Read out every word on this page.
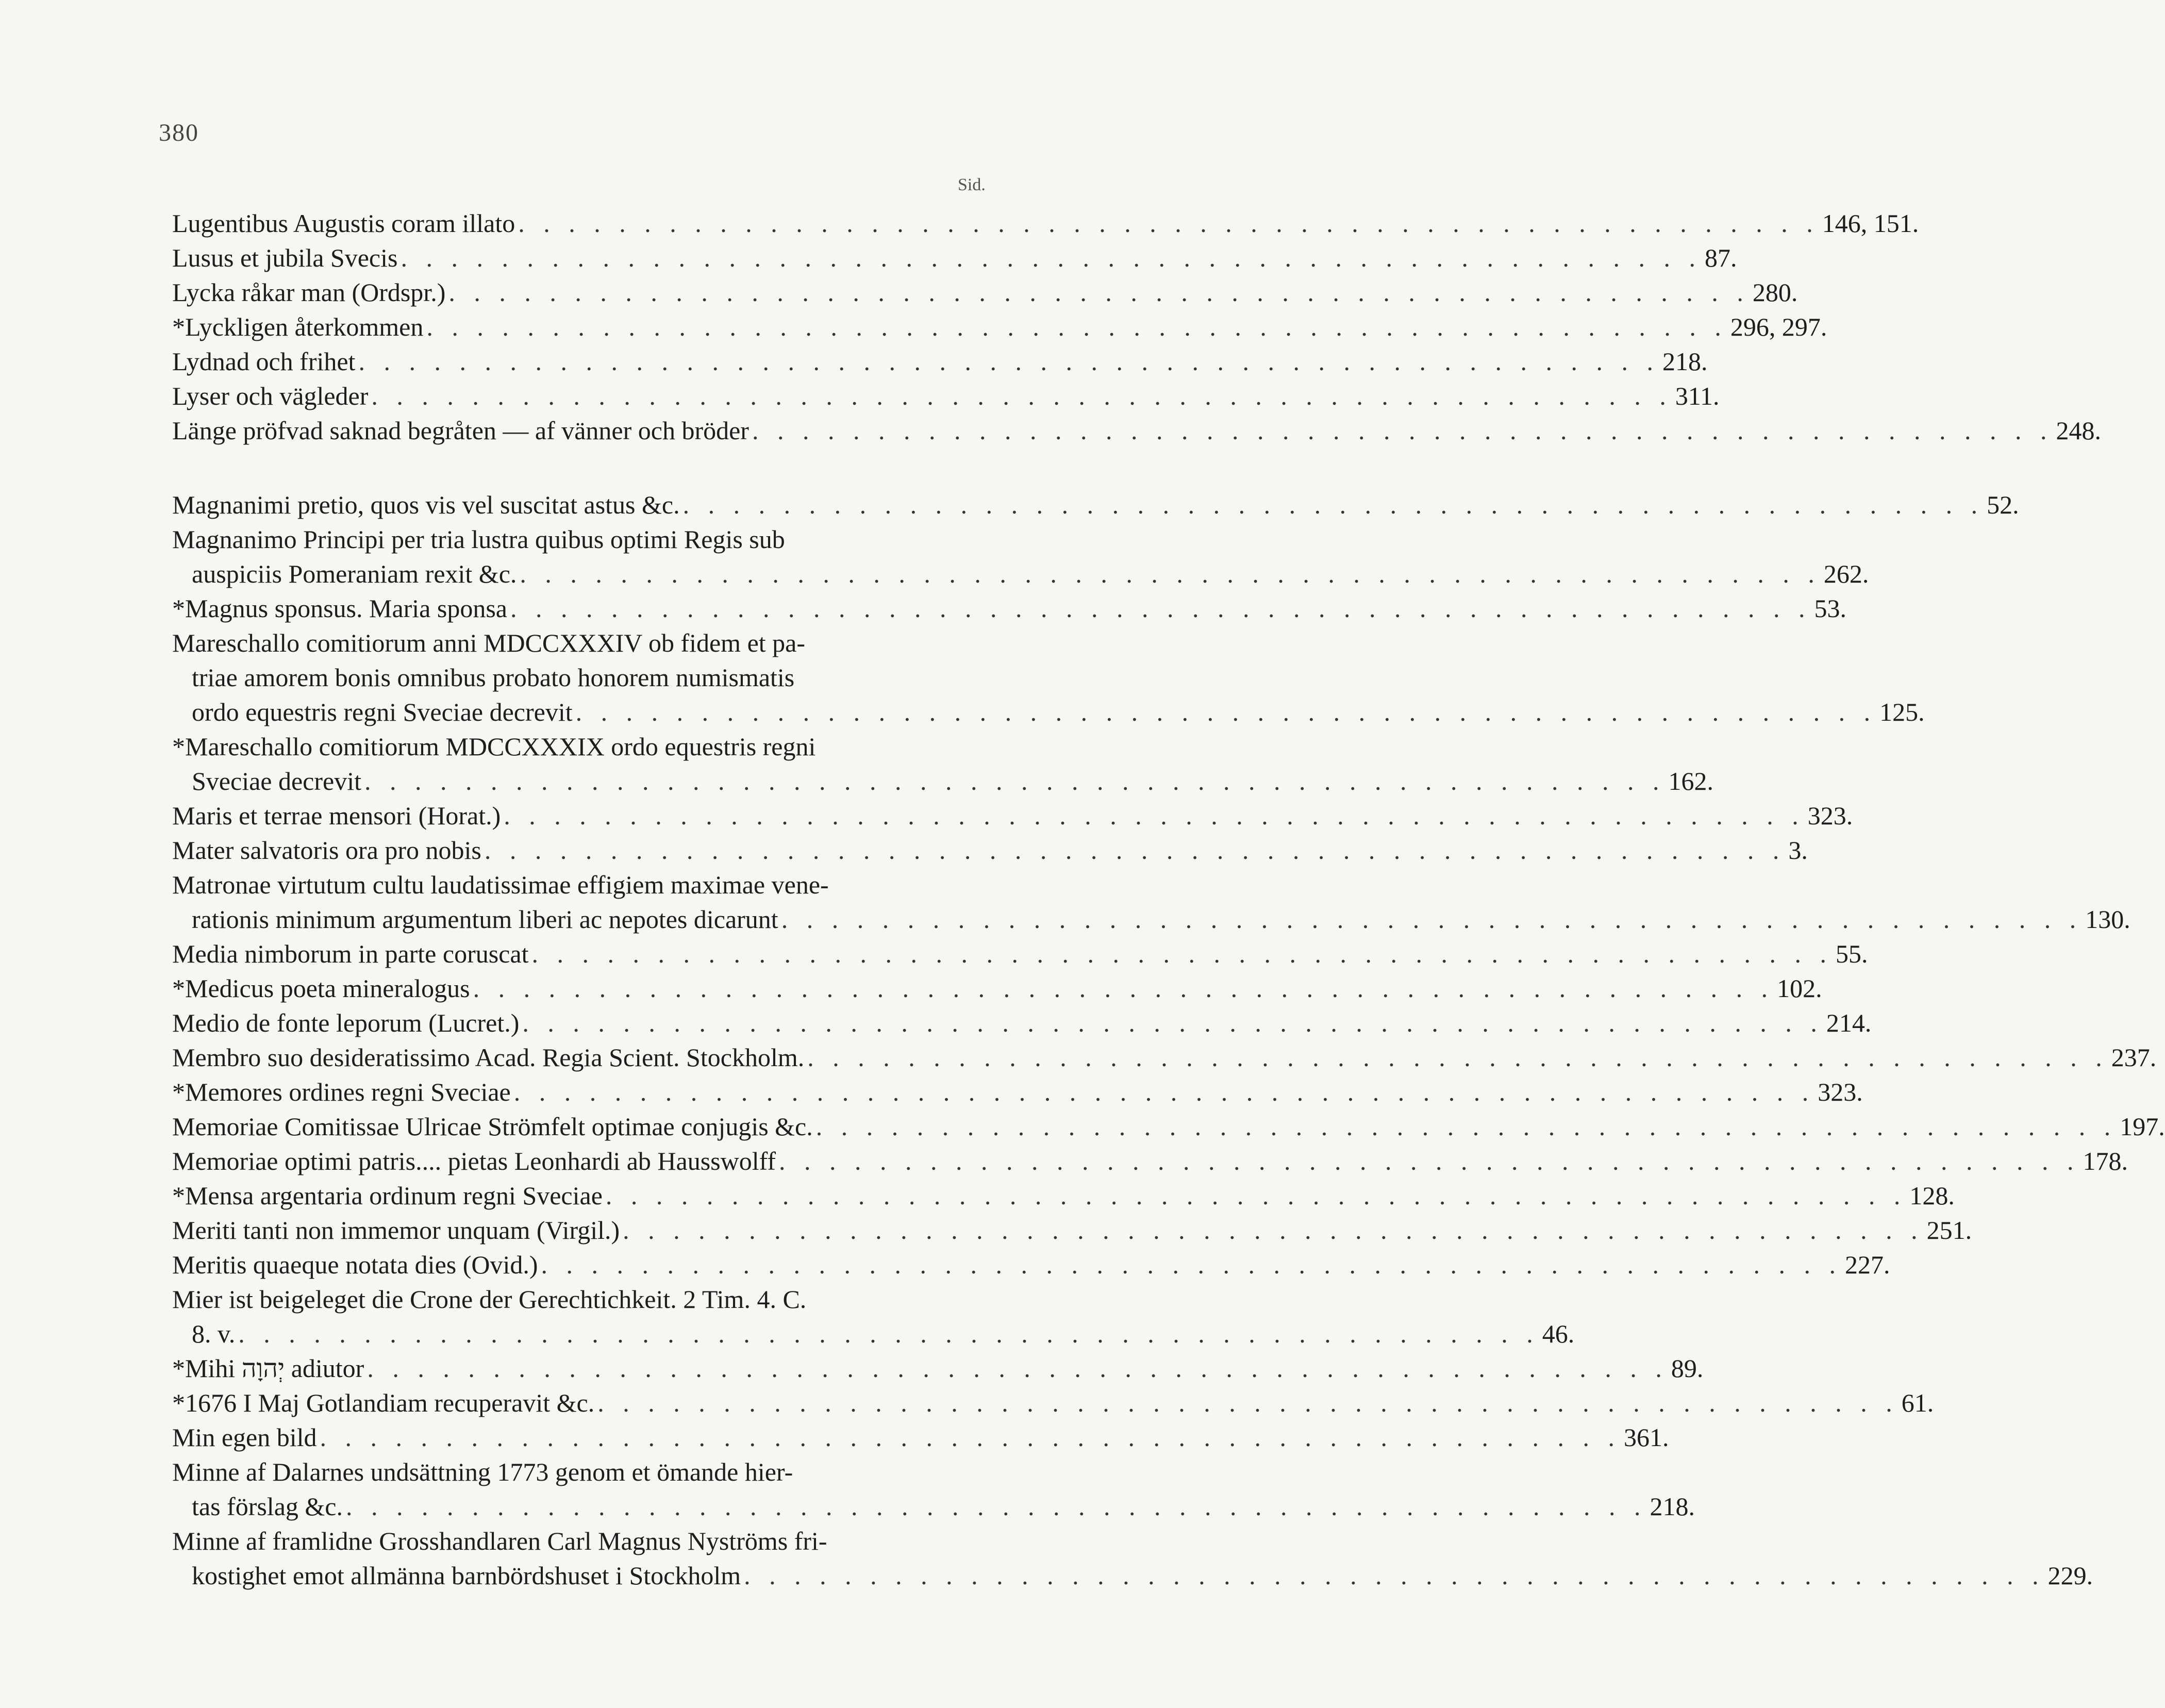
380
Sid.
Lugentibus Augustis coram illato . . . . . . . . . . . . . . . . . . . . . . . . . . . . . . . . . . . . . . . . . . . . . . . . . . . . 146, 151.
Lusus et jubila Svecis . . . . . . . . . . . . . . . . . . . . . . . . . . . . . . . . . . . . . . . . . . . . . . . . . . . . 87.
Lycka råkar man (Ordspr.) . . . . . . . . . . . . . . . . . . . . . . . . . . . . . . . . . . . . . . . . . . . . . . . . . . . . 280.
*Lyckligen återkommen . . . . . . . . . . . . . . . . . . . . . . . . . . . . . . . . . . . . . . . . . . . . . . . . . . . . 296, 297.
Lydnad och frihet . . . . . . . . . . . . . . . . . . . . . . . . . . . . . . . . . . . . . . . . . . . . . . . . . . . . 218.
Lyser och vägleder . . . . . . . . . . . . . . . . . . . . . . . . . . . . . . . . . . . . . . . . . . . . . . . . . . . . 311.
Länge pröfvad saknad begråten — af vänner och bröder . . . . . . . . . . . . . . . . . . . . . . . . . . . . . . . . . . . . . . . . . . . . . . . . . . . . 248.
Magnanimi pretio, quos vis vel suscitat astus &c. . . . . . . . . . . . . . . . . . . . . . . . . . . . . . . . . . . . . . . . . . . . . . . . . . . . . 52.
Magnanimo Principi per tria lustra quibus optimi Regis sub
auspiciis Pomeraniam rexit &c. . . . . . . . . . . . . . . . . . . . . . . . . . . . . . . . . . . . . . . . . . . . . . . . . . . . . 262.
*Magnus sponsus. Maria sponsa . . . . . . . . . . . . . . . . . . . . . . . . . . . . . . . . . . . . . . . . . . . . . . . . . . . . 53.
Mareschallo comitiorum anni MDCCXXXIV ob fidem et pa-
triae amorem bonis omnibus probato honorem numismatis
ordo equestris regni Sveciae decrevit . . . . . . . . . . . . . . . . . . . . . . . . . . . . . . . . . . . . . . . . . . . . . . . . . . . . 125.
*Mareschallo comitiorum MDCCXXXIX ordo equestris regni
Sveciae decrevit . . . . . . . . . . . . . . . . . . . . . . . . . . . . . . . . . . . . . . . . . . . . . . . . . . . . 162.
Maris et terrae mensori (Horat.) . . . . . . . . . . . . . . . . . . . . . . . . . . . . . . . . . . . . . . . . . . . . . . . . . . . . 323.
Mater salvatoris ora pro nobis . . . . . . . . . . . . . . . . . . . . . . . . . . . . . . . . . . . . . . . . . . . . . . . . . . . . 3.
Matronae virtutum cultu laudatissimae effigiem maximae vene-
rationis minimum argumentum liberi ac nepotes dicarunt . . . . . . . . . . . . . . . . . . . . . . . . . . . . . . . . . . . . . . . . . . . . . . . . . . . . 130.
Media nimborum in parte coruscat . . . . . . . . . . . . . . . . . . . . . . . . . . . . . . . . . . . . . . . . . . . . . . . . . . . . 55.
*Medicus poeta mineralogus . . . . . . . . . . . . . . . . . . . . . . . . . . . . . . . . . . . . . . . . . . . . . . . . . . . . 102.
Medio de fonte leporum (Lucret.) . . . . . . . . . . . . . . . . . . . . . . . . . . . . . . . . . . . . . . . . . . . . . . . . . . . . 214.
Membro suo desideratissimo Acad. Regia Scient. Stockholm. . . . . . . . . . . . . . . . . . . . . . . . . . . . . . . . . . . . . . . . . . . . . . . . . . . . . 237.
*Memores ordines regni Sveciae . . . . . . . . . . . . . . . . . . . . . . . . . . . . . . . . . . . . . . . . . . . . . . . . . . . . 323.
Memoriae Comitissae Ulricae Strömfelt optimae conjugis &c. . . . . . . . . . . . . . . . . . . . . . . . . . . . . . . . . . . . . . . . . . . . . . . . . . . . . 197.
Memoriae optimi patris.... pietas Leonhardi ab Hausswolff . . . . . . . . . . . . . . . . . . . . . . . . . . . . . . . . . . . . . . . . . . . . . . . . . . . . 178.
*Mensa argentaria ordinum regni Sveciae . . . . . . . . . . . . . . . . . . . . . . . . . . . . . . . . . . . . . . . . . . . . . . . . . . . . 128.
Meriti tanti non immemor unquam (Virgil.) . . . . . . . . . . . . . . . . . . . . . . . . . . . . . . . . . . . . . . . . . . . . . . . . . . . . 251.
Meritis quaeque notata dies (Ovid.) . . . . . . . . . . . . . . . . . . . . . . . . . . . . . . . . . . . . . . . . . . . . . . . . . . . . 227.
Mier ist beigeleget die Crone der Gerechtichkeit. 2 Tim. 4. C.
8. v. . . . . . . . . . . . . . . . . . . . . . . . . . . . . . . . . . . . . . . . . . . . . . . . . . . . . 46.
*Mihi יְהוָה adiutor . . . . . . . . . . . . . . . . . . . . . . . . . . . . . . . . . . . . . . . . . . . . . . . . . . . . 89.
*1676 I Maj Gotlandiam recuperavit &c. . . . . . . . . . . . . . . . . . . . . . . . . . . . . . . . . . . . . . . . . . . . . . . . . . . . . 61.
Min egen bild . . . . . . . . . . . . . . . . . . . . . . . . . . . . . . . . . . . . . . . . . . . . . . . . . . . . 361.
Minne af Dalarnes undsättning 1773 genom et ömande hier-
tas förslag &c. . . . . . . . . . . . . . . . . . . . . . . . . . . . . . . . . . . . . . . . . . . . . . . . . . . . . 218.
Minne af framlidne Grosshandlaren Carl Magnus Nyströms fri-
kostighet emot allmänna barnbördshuset i Stockholm . . . . . . . . . . . . . . . . . . . . . . . . . . . . . . . . . . . . . . . . . . . . . . . . . . . . 229.
